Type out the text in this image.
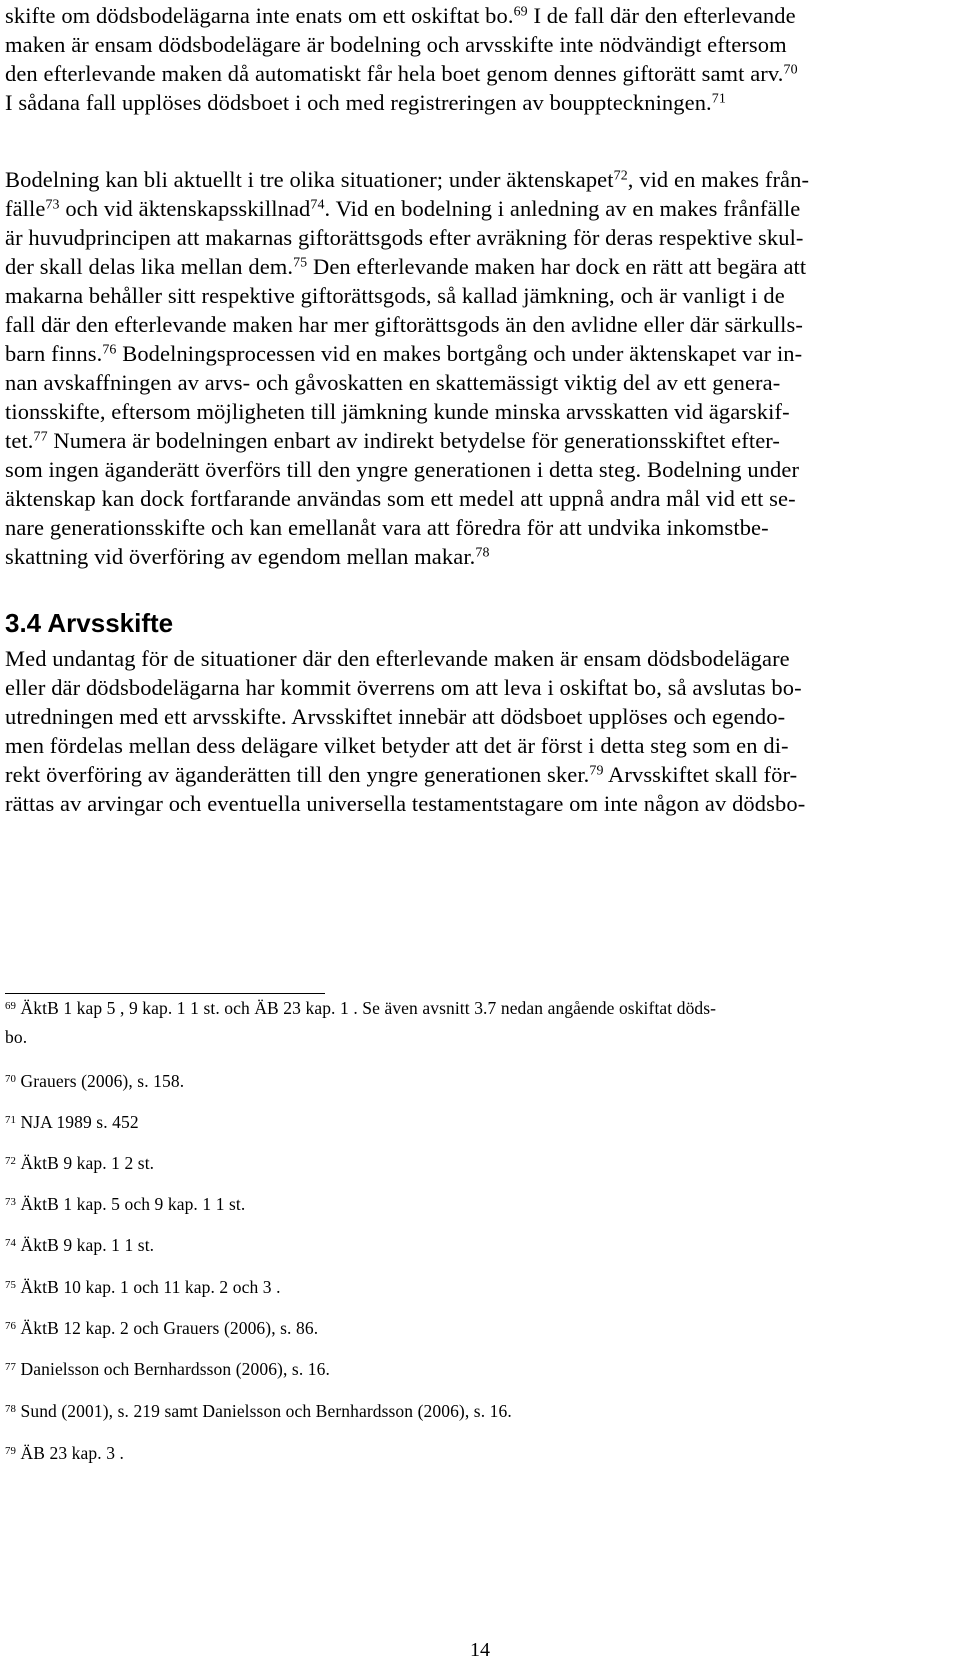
skifte om dödsbodelägarna inte enats om ett oskiftat bo.$^{69}$ I de fall där den efterlevande
maken är ensam dödsbodelägare är bodelning och arvsskifte inte nödvändigt eftersom
den efterlevande maken då automatiskt får hela boet genom dennes giftorätt samt arv.$^{70}$
I sådana fall upplöses dödsboet i och med registreringen av bouppteckningen.$^{71}$
Bodelning kan bli aktuellt i tre olika situationer; under äktenskapet$^{72}$, vid en makes från-
fälle$^{73}$ och vid äktenskapsskillnad$^{74}$. Vid en bodelning i anledning av en makes frånfälle
är huvudprincipen att makarnas giftorättsgods efter avräkning för deras respektive skul-
der skall delas lika mellan dem.$^{75}$ Den efterlevande maken har dock en rätt att begära att
makarna behåller sitt respektive giftorättsgods, så kallad jämkning, och är vanligt i de
fall där den efterlevande maken har mer giftorättsgods än den avlidne eller där särkulls-
barn finns.$^{76}$ Bodelningsprocessen vid en makes bortgång och under äktenskapet var in-
nan avskaffningen av arvs- och gåvoskatten en skattemässigt viktig del av ett genera-
tionsskifte, eftersom möjligheten till jämkning kunde minska arvsskatten vid ägarskif-
tet.$^{77}$ Numera är bodelningen enbart av indirekt betydelse för generationsskiftet efter-
som ingen äganderätt överförs till den yngre generationen i detta steg. Bodelning under
äktenskap kan dock fortfarande användas som ett medel att uppnå andra mål vid ett se-
nare generationsskifte och kan emellanåt vara att föredra för att undvika inkomstbe-
skattning vid överföring av egendom mellan makar.$^{78}$
3.4 Arvsskifte
Med undantag för de situationer där den efterlevande maken är ensam dödsbodelägare
eller där dödsbodelägarna har kommit överrens om att leva i oskiftat bo, så avslutas bo-
utredningen med ett arvsskifte. Arvsskiftet innebär att dödsboet upplöses och egendo-
men fördelas mellan dess delägare vilket betyder att det är först i detta steg som en di-
rekt överföring av äganderätten till den yngre generationen sker.$^{79}$ Arvsskiftet skall för-
rättas av arvingar och eventuella universella testamentstagare om inte någon av dödsbo-
$^{69}$ ÄktB 1 kap 5 , 9 kap. 1 1 st. och ÄB 23 kap. 1 . Se även avsnitt 3.7 nedan angående oskiftat döds-
bo.
$^{70}$ Grauers (2006), s. 158.
$^{71}$ NJA 1989 s. 452
$^{72}$ ÄktB 9 kap. 1 2 st.
$^{73}$ ÄktB 1 kap. 5 och 9 kap. 1 1 st.
$^{74}$ ÄktB 9 kap. 1 1 st.
$^{75}$ ÄktB 10 kap. 1 och 11 kap. 2 och 3 .
$^{76}$ ÄktB 12 kap. 2 och Grauers (2006), s. 86.
$^{77}$ Danielsson och Bernhardsson (2006), s. 16.
$^{78}$ Sund (2001), s. 219 samt Danielsson och Bernhardsson (2006), s. 16.
$^{79}$ ÄB 23 kap. 3 .
14
